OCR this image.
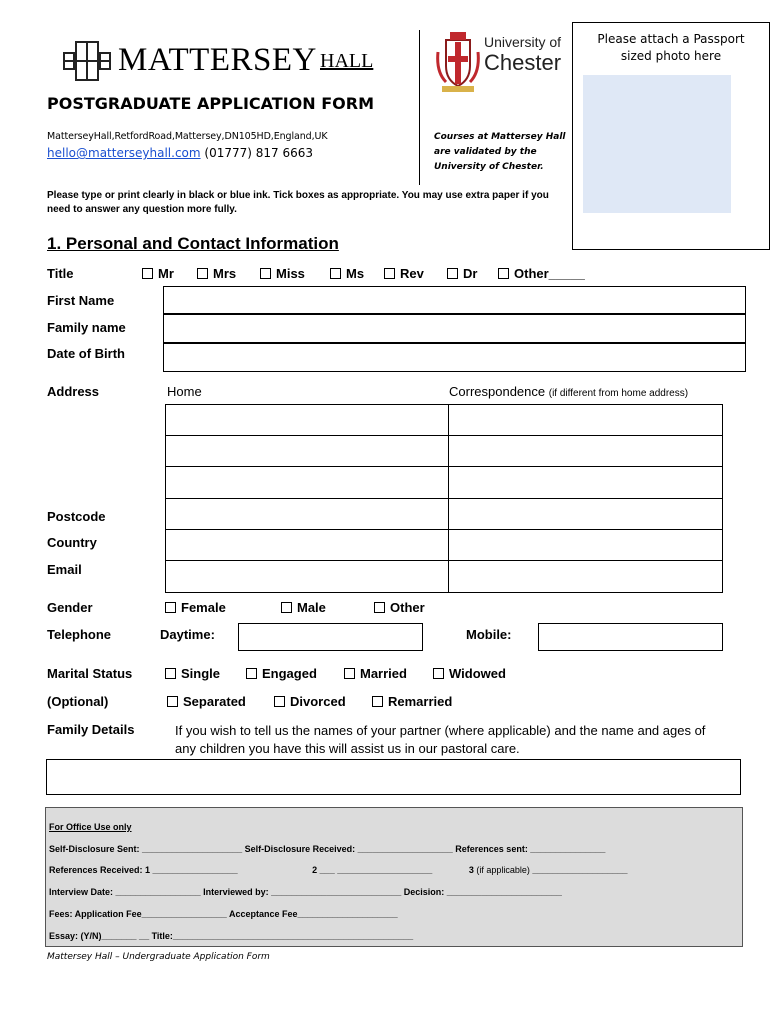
MATTERSEY HALL
POSTGRADUATE APPLICATION FORM
MatterseyHall,RetfordRoad,Mattersey,DN105HD,England,UK
hello@matterseyhall.com (01777) 817 6663
University of
Chester
Courses at Mattersey Hall are validated by the University of Chester.
Please attach a Passport sized photo here
Please type or print clearly in black or blue ink. Tick boxes as appropriate. You may use extra paper if you need to answer any question more fully.
1. Personal and Contact Information
Title	Mr	Mrs	Miss	Ms	Rev	Dr	Other_____
First Name
Family name
Date of Birth
Address	Home	Correspondence (if different from home address)
Postcode
Country
Email
Gender	Female	Male	Other
Telephone	Daytime:	Mobile:
Marital Status	Single	Engaged	Married	Widowed
(Optional)	Separated	Divorced	Remarried
Family Details	If you wish to tell us the names of your partner (where applicable) and the name and ages of any children you have this will assist us in our pastoral care.
For Office Use only
Self-Disclosure Sent: ____________________ Self-Disclosure Received: ___________________ References sent: _______________
References Received: 1 _________________	2 ___ ___________________	3 (if applicable) ___________________
Interview Date: _________________ Interviewed by: __________________________ Decision: _______________________
Fees: Application Fee_________________ Acceptance Fee____________________
Essay: (Y/N)_______ __ Title:________________________________________________
Mattersey Hall – Undergraduate Application Form
